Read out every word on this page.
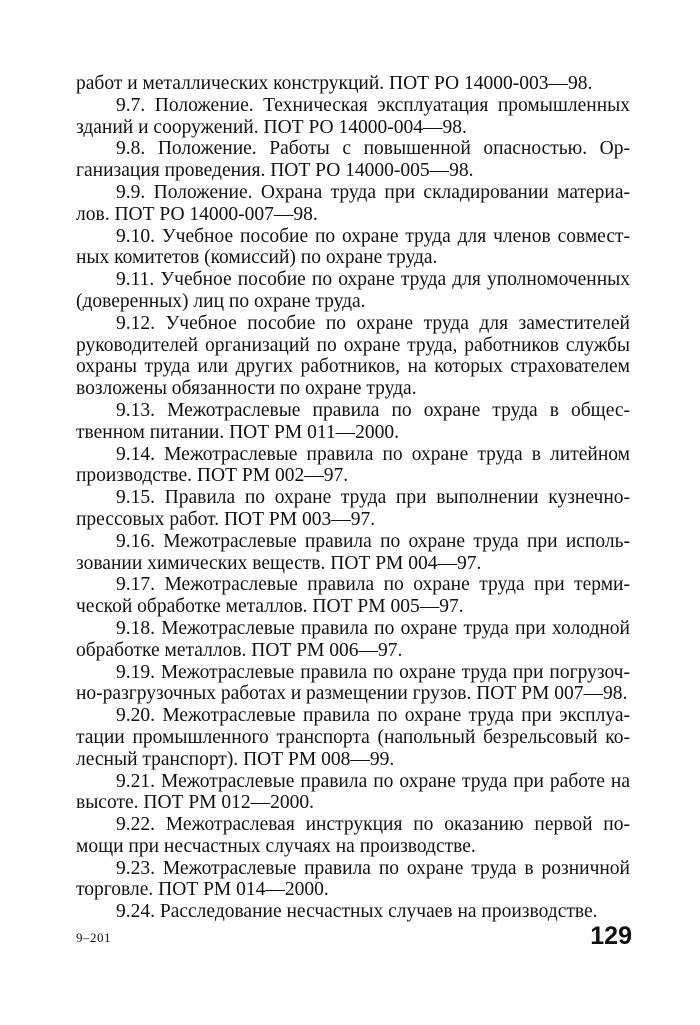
работ и металлических конструкций. ПОТ РО 14000-003—98.

9.7. Положение. Техническая эксплуатация промышленных зданий и сооружений. ПОТ РО 14000-004—98.

9.8. Положение. Работы с повышенной опасностью. Организация проведения. ПОТ РО 14000-005—98.

9.9. Положение. Охрана труда при складировании материалов. ПОТ РО 14000-007—98.

9.10. Учебное пособие по охране труда для членов совместных комитетов (комиссий) по охране труда.

9.11. Учебное пособие по охране труда для уполномоченных (доверенных) лиц по охране труда.

9.12. Учебное пособие по охране труда для заместителей руководителей организаций по охране труда, работников службы охраны труда или других работников, на которых страхователем возложены обязанности по охране труда.

9.13. Межотраслевые правила по охране труда в общественном питании. ПОТ РМ 011—2000.

9.14. Межотраслевые правила по охране труда в литейном производстве. ПОТ РМ 002—97.

9.15. Правила по охране труда при выполнении кузнечно-прессовых работ. ПОТ РМ 003—97.

9.16. Межотраслевые правила по охране труда при использовании химических веществ. ПОТ РМ 004—97.

9.17. Межотраслевые правила по охране труда при термической обработке металлов. ПОТ РМ 005—97.

9.18. Межотраслевые правила по охране труда при холодной обработке металлов. ПОТ РМ 006—97.

9.19. Межотраслевые правила по охране труда при погрузочно-разгрузочных работах и размещении грузов. ПОТ РМ 007—98.

9.20. Межотраслевые правила по охране труда при эксплуатации промышленного транспорта (напольный безрельсовый колесный транспорт). ПОТ РМ 008—99.

9.21. Межотраслевые правила по охране труда при работе на высоте. ПОТ РМ 012—2000.

9.22. Межотраслевая инструкция по оказанию первой помощи при несчастных случаях на производстве.

9.23. Межотраслевые правила по охране труда в розничной торговле. ПОТ РМ 014—2000.

9.24. Расследование несчастных случаев на производстве.

9–201	129
